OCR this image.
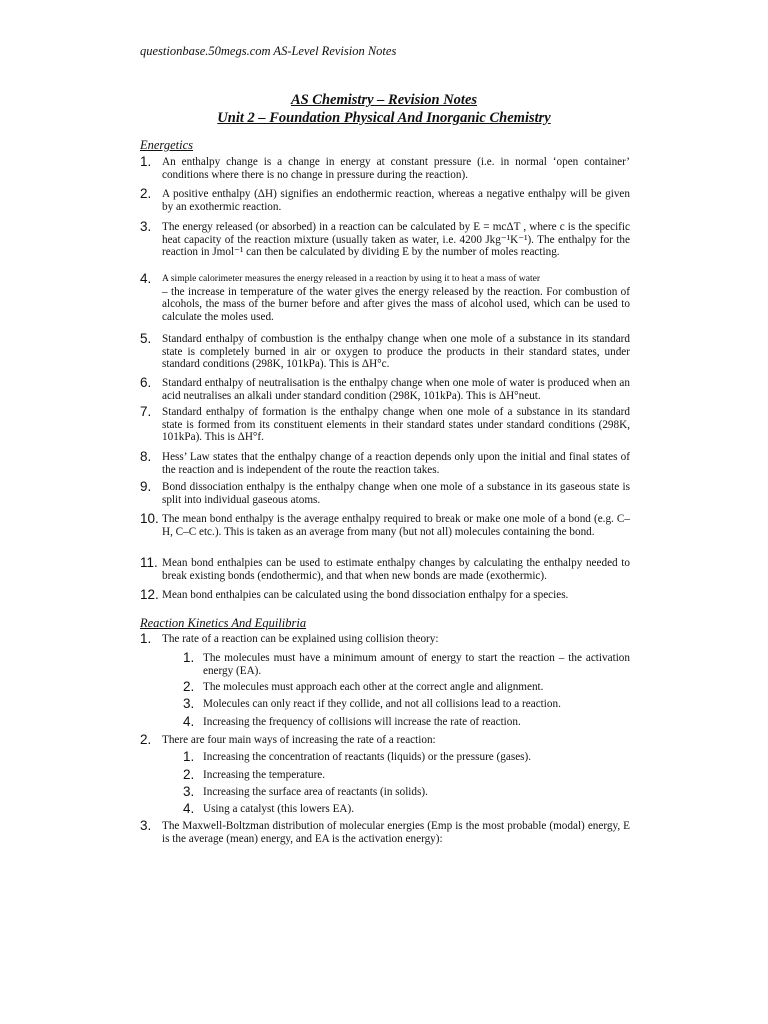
questionbase.50megs.com AS-Level Revision Notes
AS Chemistry – Revision Notes
Unit 2 – Foundation Physical And Inorganic Chemistry
Energetics
1. An enthalpy change is a change in energy at constant pressure (i.e. in normal ‘open container’ conditions where there is no change in pressure during the reaction).
2. A positive enthalpy (ΔH) signifies an endothermic reaction, whereas a negative enthalpy will be given by an exothermic reaction.
3. The energy released (or absorbed) in a reaction can be calculated by E = mcΔT , where c is the specific heat capacity of the reaction mixture (usually taken as water, i.e. 4200 Jkg⁻¹K⁻¹). The enthalpy for the reaction in Jmol⁻¹ can then be calculated by dividing E by the number of moles reacting.
4. A simple calorimeter measures the energy released in a reaction by using it to heat a mass of water
– the increase in temperature of the water gives the energy released by the reaction. For combustion of alcohols, the mass of the burner before and after gives the mass of alcohol used, which can be used to calculate the moles used.
5. Standard enthalpy of combustion is the enthalpy change when one mole of a substance in its standard state is completely burned in air or oxygen to produce the products in their standard states, under standard conditions (298K, 101kPa). This is ΔH°c.
6. Standard enthalpy of neutralisation is the enthalpy change when one mole of water is produced when an acid neutralises an alkali under standard condition (298K, 101kPa). This is ΔH°neut.
7. Standard enthalpy of formation is the enthalpy change when one mole of a substance in its standard state is formed from its constituent elements in their standard states under standard conditions (298K, 101kPa). This is ΔH°f.
8. Hess’ Law states that the enthalpy change of a reaction depends only upon the initial and final states of the reaction and is independent of the route the reaction takes.
9. Bond dissociation enthalpy is the enthalpy change when one mole of a substance in its gaseous state is split into individual gaseous atoms.
10. The mean bond enthalpy is the average enthalpy required to break or make one mole of a bond (e.g. C–H, C–C etc.). This is taken as an average from many (but not all) molecules containing the bond.
11. Mean bond enthalpies can be used to estimate enthalpy changes by calculating the enthalpy needed to break existing bonds (endothermic), and that when new bonds are made (exothermic).
12. Mean bond enthalpies can be calculated using the bond dissociation enthalpy for a species.
Reaction Kinetics And Equilibria
1. The rate of a reaction can be explained using collision theory:
1. The molecules must have a minimum amount of energy to start the reaction – the activation energy (EA).
2. The molecules must approach each other at the correct angle and alignment.
3. Molecules can only react if they collide, and not all collisions lead to a reaction.
4. Increasing the frequency of collisions will increase the rate of reaction.
2. There are four main ways of increasing the rate of a reaction:
1. Increasing the concentration of reactants (liquids) or the pressure (gases).
2. Increasing the temperature.
3. Increasing the surface area of reactants (in solids).
4. Using a catalyst (this lowers EA).
3. The Maxwell-Boltzman distribution of molecular energies (Emp is the most probable (modal) energy, E is the average (mean) energy, and EA is the activation energy):
